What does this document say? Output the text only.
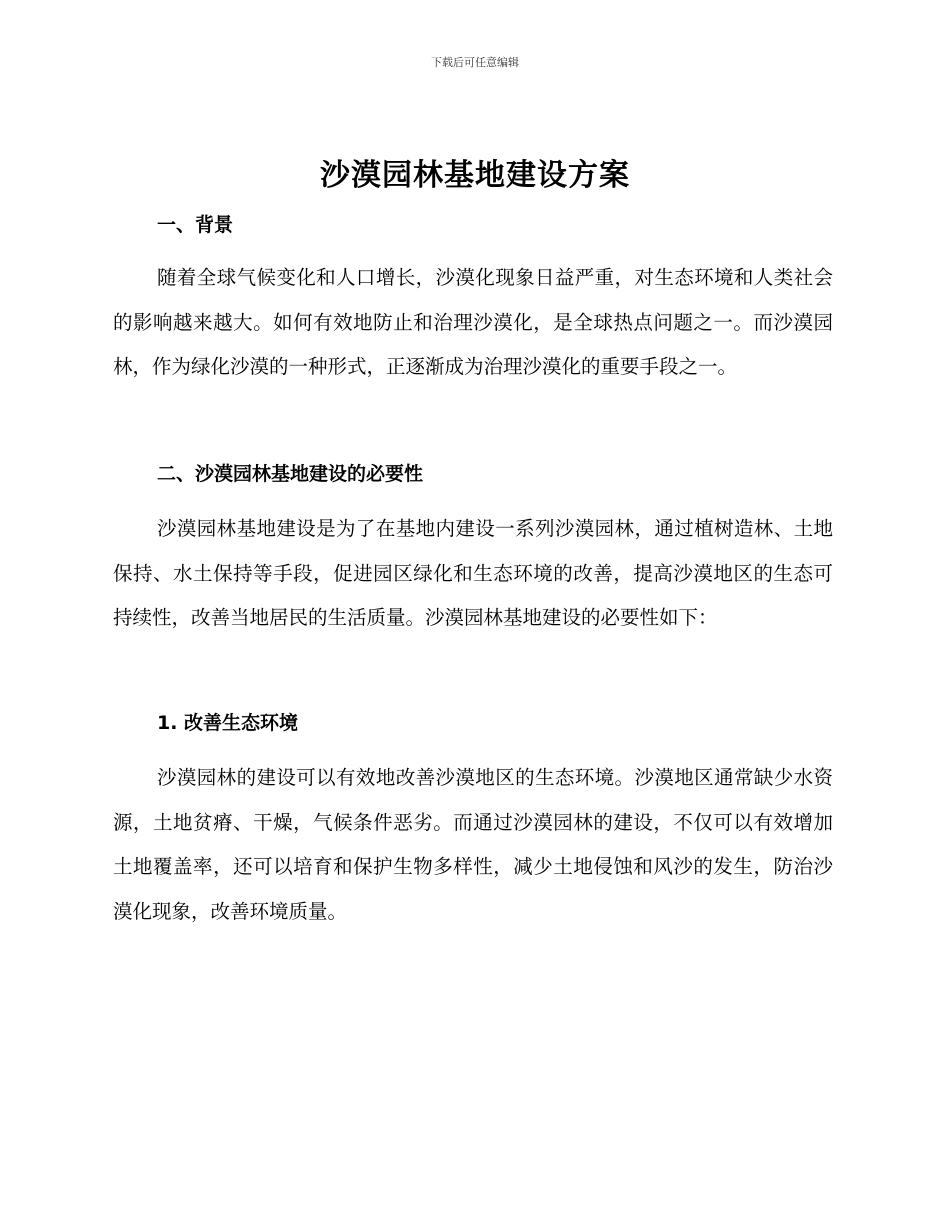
下载后可任意编辑
沙漠园林基地建设方案
一、背景

随着全球气候变化和人口增长，沙漠化现象日益严重，对生态环境和人类社会的影响越来越大。如何有效地防止和治理沙漠化，是全球热点问题之一。而沙漠园林，作为绿化沙漠的一种形式，正逐渐成为治理沙漠化的重要手段之一。

二、沙漠园林基地建设的必要性

沙漠园林基地建设是为了在基地内建设一系列沙漠园林，通过植树造林、土地保持、水土保持等手段，促进园区绿化和生态环境的改善，提高沙漠地区的生态可持续性，改善当地居民的生活质量。沙漠园林基地建设的必要性如下：

1. 改善生态环境

沙漠园林的建设可以有效地改善沙漠地区的生态环境。沙漠地区通常缺少水资源，土地贫瘠、干燥，气候条件恶劣。而通过沙漠园林的建设，不仅可以有效增加土地覆盖率，还可以培育和保护生物多样性，减少土地侵蚀和风沙的发生，防治沙漠化现象，改善环境质量。
